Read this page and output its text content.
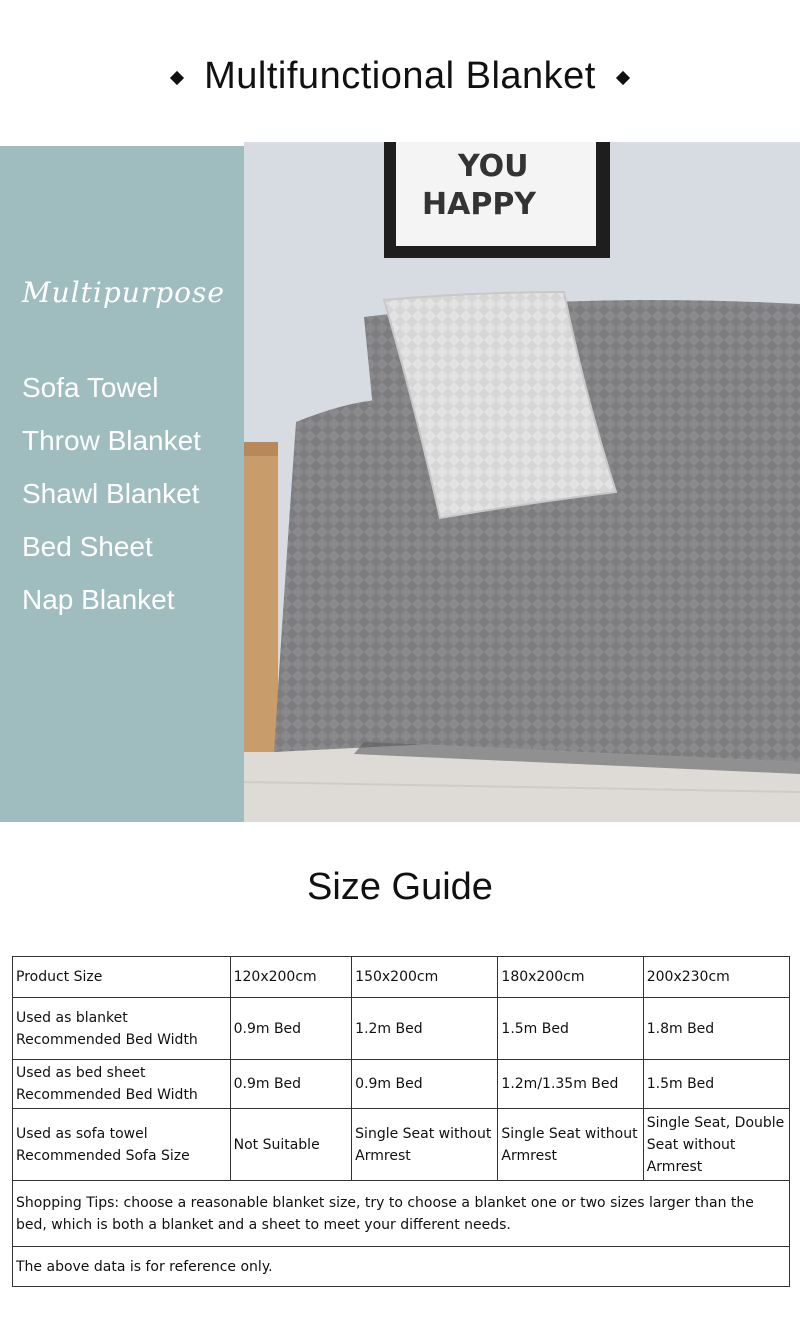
Multifunctional Blanket
Multipurpose
Sofa Towel
Throw Blanket
Shawl Blanket
Bed Sheet
Nap Blanket
YOU
HAPPY
Size Guide
Product Size	120x200cm	150x200cm	180x200cm	200x230cm

Used as blanket
Recommended Bed Width	0.9m Bed	1.2m Bed	1.5m Bed	1.8m Bed

Used as bed sheet
Recommended Bed Width	0.9m Bed	0.9m Bed	1.2m/1.35m Bed	1.5m Bed

Used as sofa towel
Recommended Sofa Size	Not Suitable	Single Seat without Armrest	Single Seat without Armrest	Single Seat, Double Seat without Armrest
Shopping Tips: choose a reasonable blanket size, try to choose a blanket one or two sizes larger than the bed, which is both a blanket and a sheet to meet your different needs.				
The above data is for reference only.				
